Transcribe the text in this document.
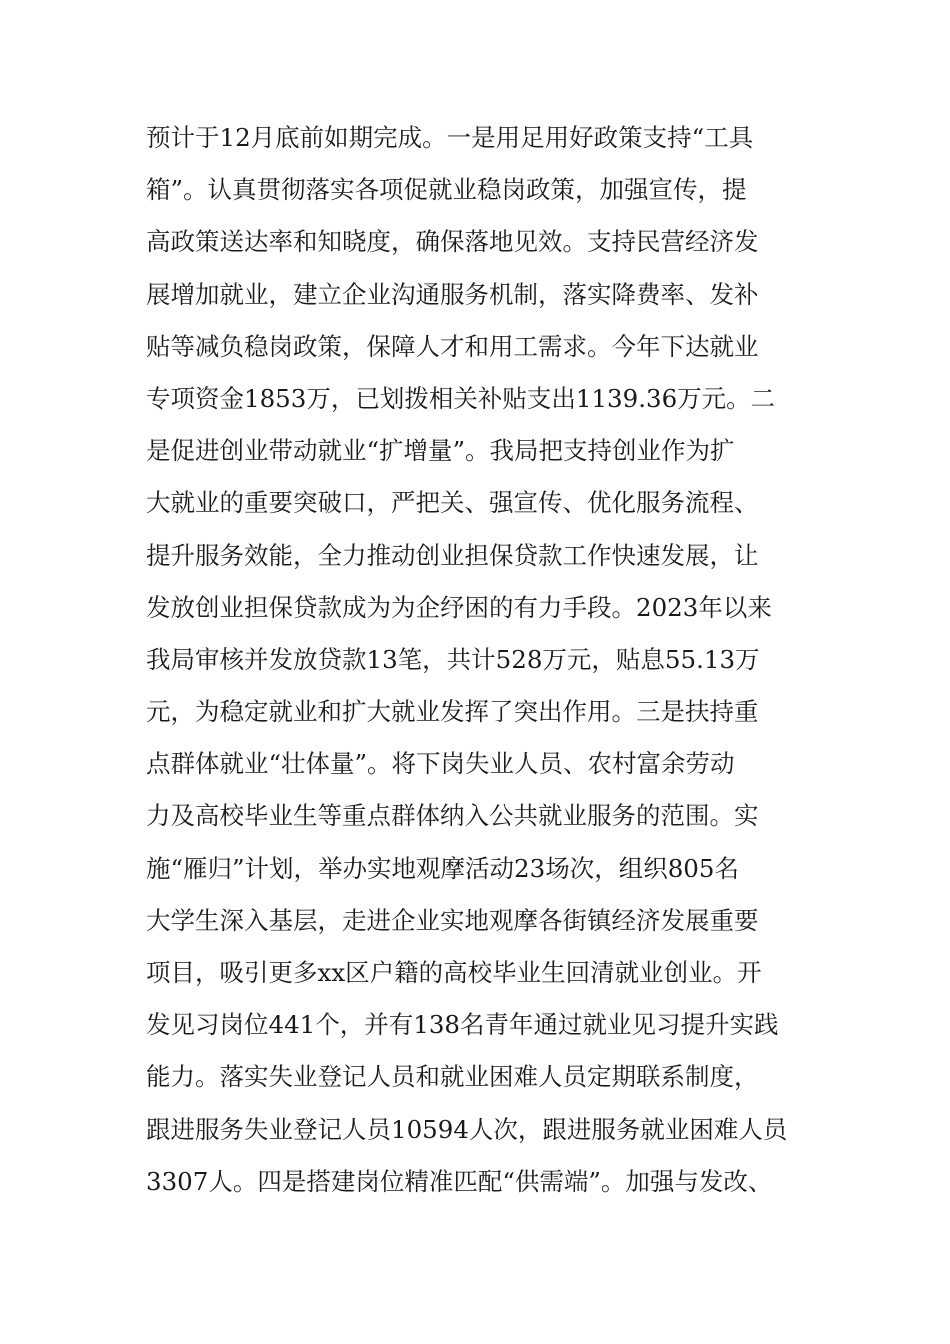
预计于12月底前如期完成。一是用足用好政策支持“工具
箱”。认真贯彻落实各项促就业稳岗政策，加强宣传，提
高政策送达率和知晓度，确保落地见效。支持民营经济发
展增加就业，建立企业沟通服务机制，落实降费率、发补
贴等减负稳岗政策，保障人才和用工需求。今年下达就业
专项资金1853万，已划拨相关补贴支出1139.36万元。二
是促进创业带动就业“扩增量”。我局把支持创业作为扩
大就业的重要突破口，严把关、强宣传、优化服务流程、
提升服务效能，全力推动创业担保贷款工作快速发展，让
发放创业担保贷款成为为企纾困的有力手段。2023年以来
我局审核并发放贷款13笔，共计528万元，贴息55.13万
元，为稳定就业和扩大就业发挥了突出作用。三是扶持重
点群体就业“壮体量”。将下岗失业人员、农村富余劳动
力及高校毕业生等重点群体纳入公共就业服务的范围。实
施“雁归”计划，举办实地观摩活动23场次，组织805名
大学生深入基层，走进企业实地观摩各街镇经济发展重要
项目，吸引更多xx区户籍的高校毕业生回清就业创业。开
发见习岗位441个，并有138名青年通过就业见习提升实践
能力。落实失业登记人员和就业困难人员定期联系制度，
跟进服务失业登记人员10594人次，跟进服务就业困难人员
3307人。四是搭建岗位精准匹配“供需端”。加强与发改、
